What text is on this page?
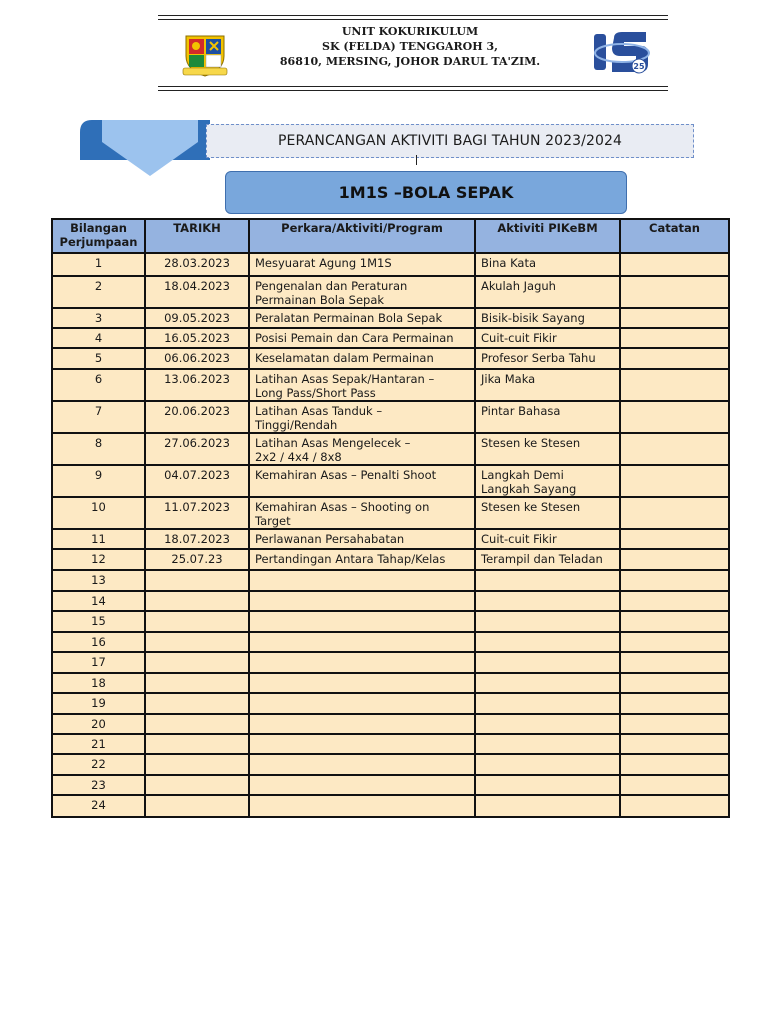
UNIT KOKURIKULUM
SK (FELDA) TENGGAROH 3,
86810, MERSING, JOHOR DARUL TA'ZIM.	25
PERANCANGAN AKTIVITI BAGI TAHUN 2023/2024
1M1S –BOLA SEPAK
Bilangan Perjumpaan	TARIKH	Perkara/Aktiviti/Program	Aktiviti PIKeBM	Catatan

1	28.03.2023	Mesyuarat Agung 1M1S	Bina Kata	

2	18.04.2023	Pengenalan dan Peraturan
Permainan Bola Sepak	Akulah Jaguh	

3	09.05.2023	Peralatan Permainan Bola Sepak	Bisik-bisik Sayang	

4	16.05.2023	Posisi Pemain dan Cara Permainan	Cuit-cuit Fikir	

5	06.06.2023	Keselamatan dalam Permainan	Profesor Serba Tahu	

6	13.06.2023	Latihan Asas Sepak/Hantaran –
Long Pass/Short Pass	Jika Maka	

7	20.06.2023	Latihan Asas Tanduk –
Tinggi/Rendah	Pintar Bahasa	

8	27.06.2023	Latihan Asas Mengelecek –
2x2 / 4x4 / 8x8	Stesen ke Stesen	

9	04.07.2023	Kemahiran Asas – Penalti Shoot	Langkah Demi
Langkah Sayang	

10	11.07.2023	Kemahiran Asas – Shooting on
Target	Stesen ke Stesen	

11	18.07.2023	Perlawanan Persahabatan	Cuit-cuit Fikir	

12	25.07.23	Pertandingan Antara Tahap/Kelas	Terampil dan Teladan	

13				

14				

15				

16				

17				

18				

19				

20				

21				

22				

23				

24				
